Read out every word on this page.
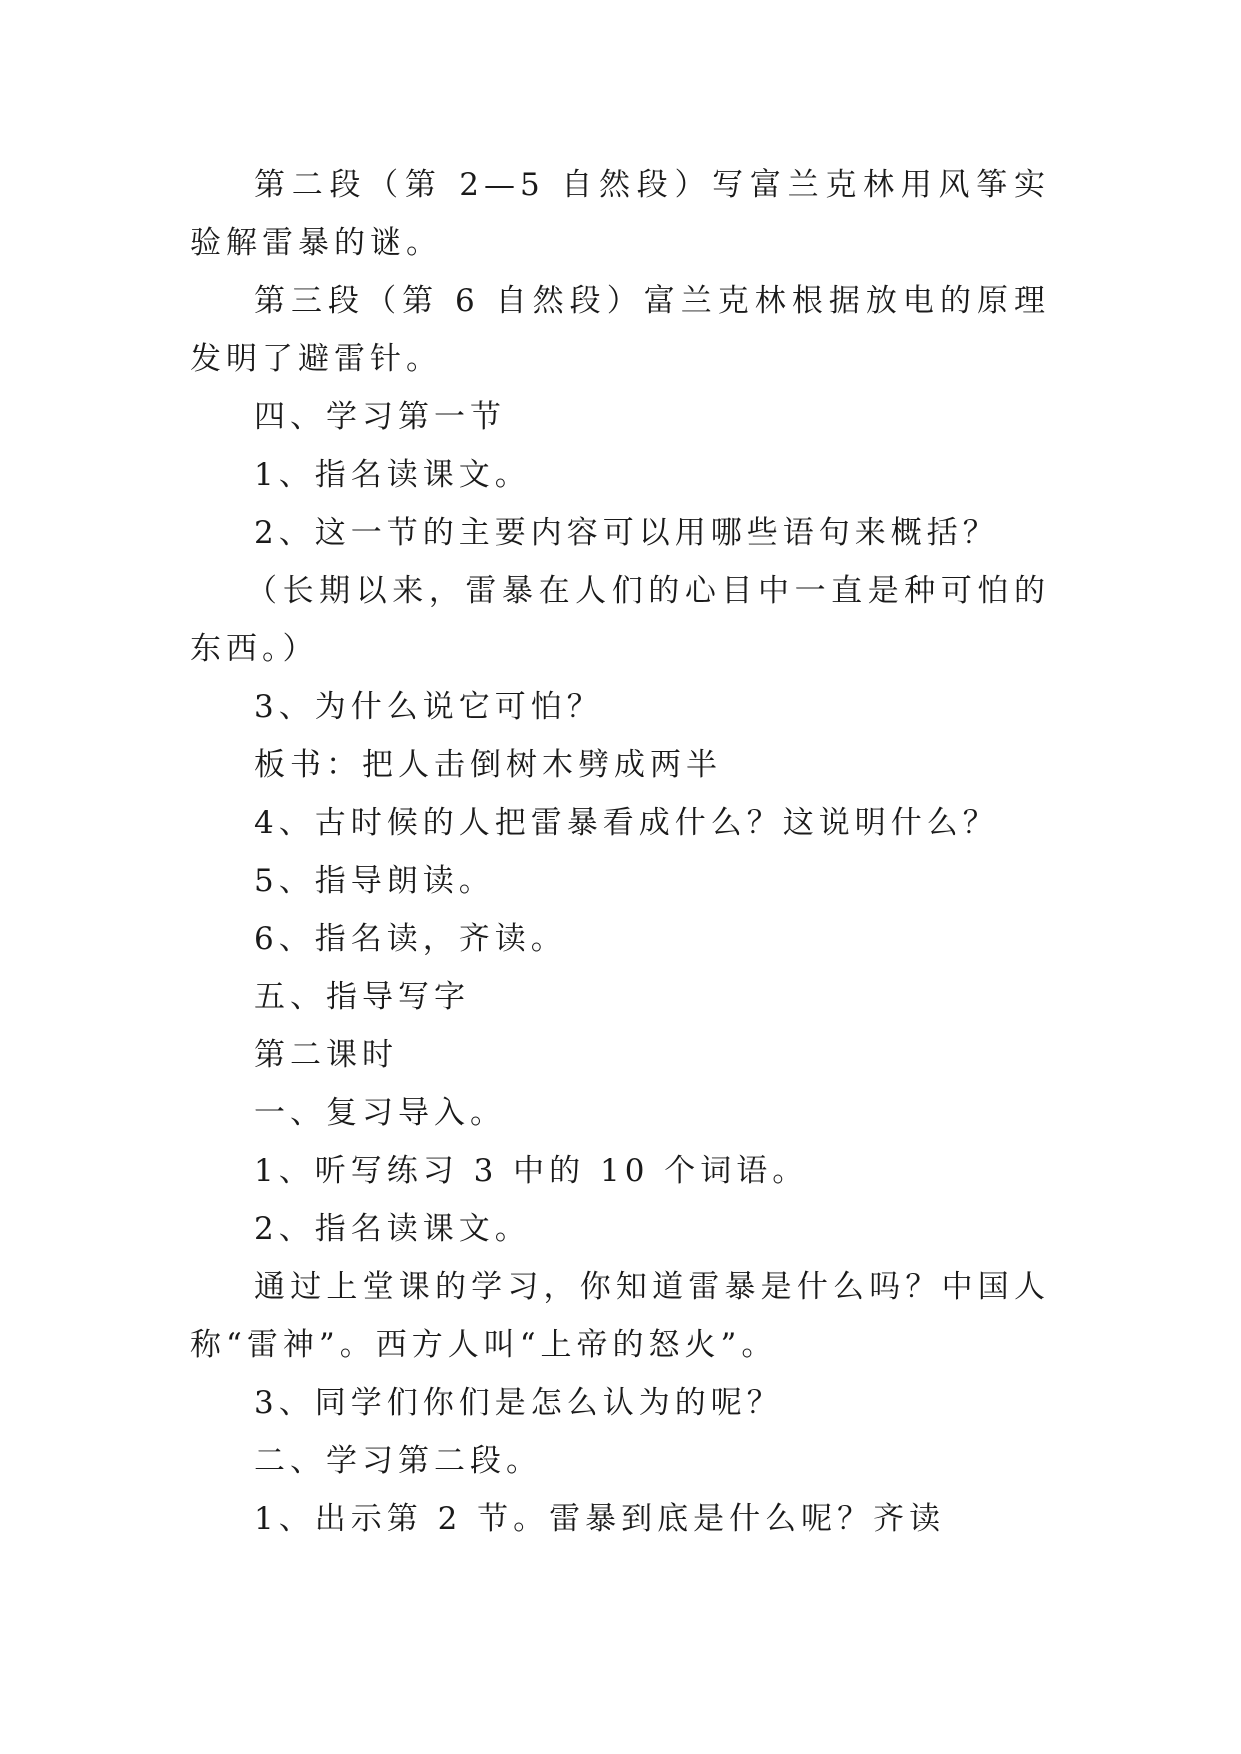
第二段（第 2—5 自然段）写富兰克林用风筝实验解雷暴的谜。

第三段（第 6 自然段）富兰克林根据放电的原理发明了避雷针。

四、学习第一节

1、指名读课文。

2、这一节的主要内容可以用哪些语句来概括？

（长期以来，雷暴在人们的心目中一直是种可怕的东西。）

3、为什么说它可怕？

板书：把人击倒树木劈成两半

4、古时候的人把雷暴看成什么？这说明什么？

5、指导朗读。

6、指名读，齐读。

五、指导写字

第二课时

一、复习导入。

1、听写练习 3 中的 10 个词语。

2、指名读课文。

通过上堂课的学习，你知道雷暴是什么吗？中国人称“雷神”。西方人叫“上帝的怒火”。

3、同学们你们是怎么认为的呢？

二、学习第二段。

1、出示第 2 节。雷暴到底是什么呢？齐读
